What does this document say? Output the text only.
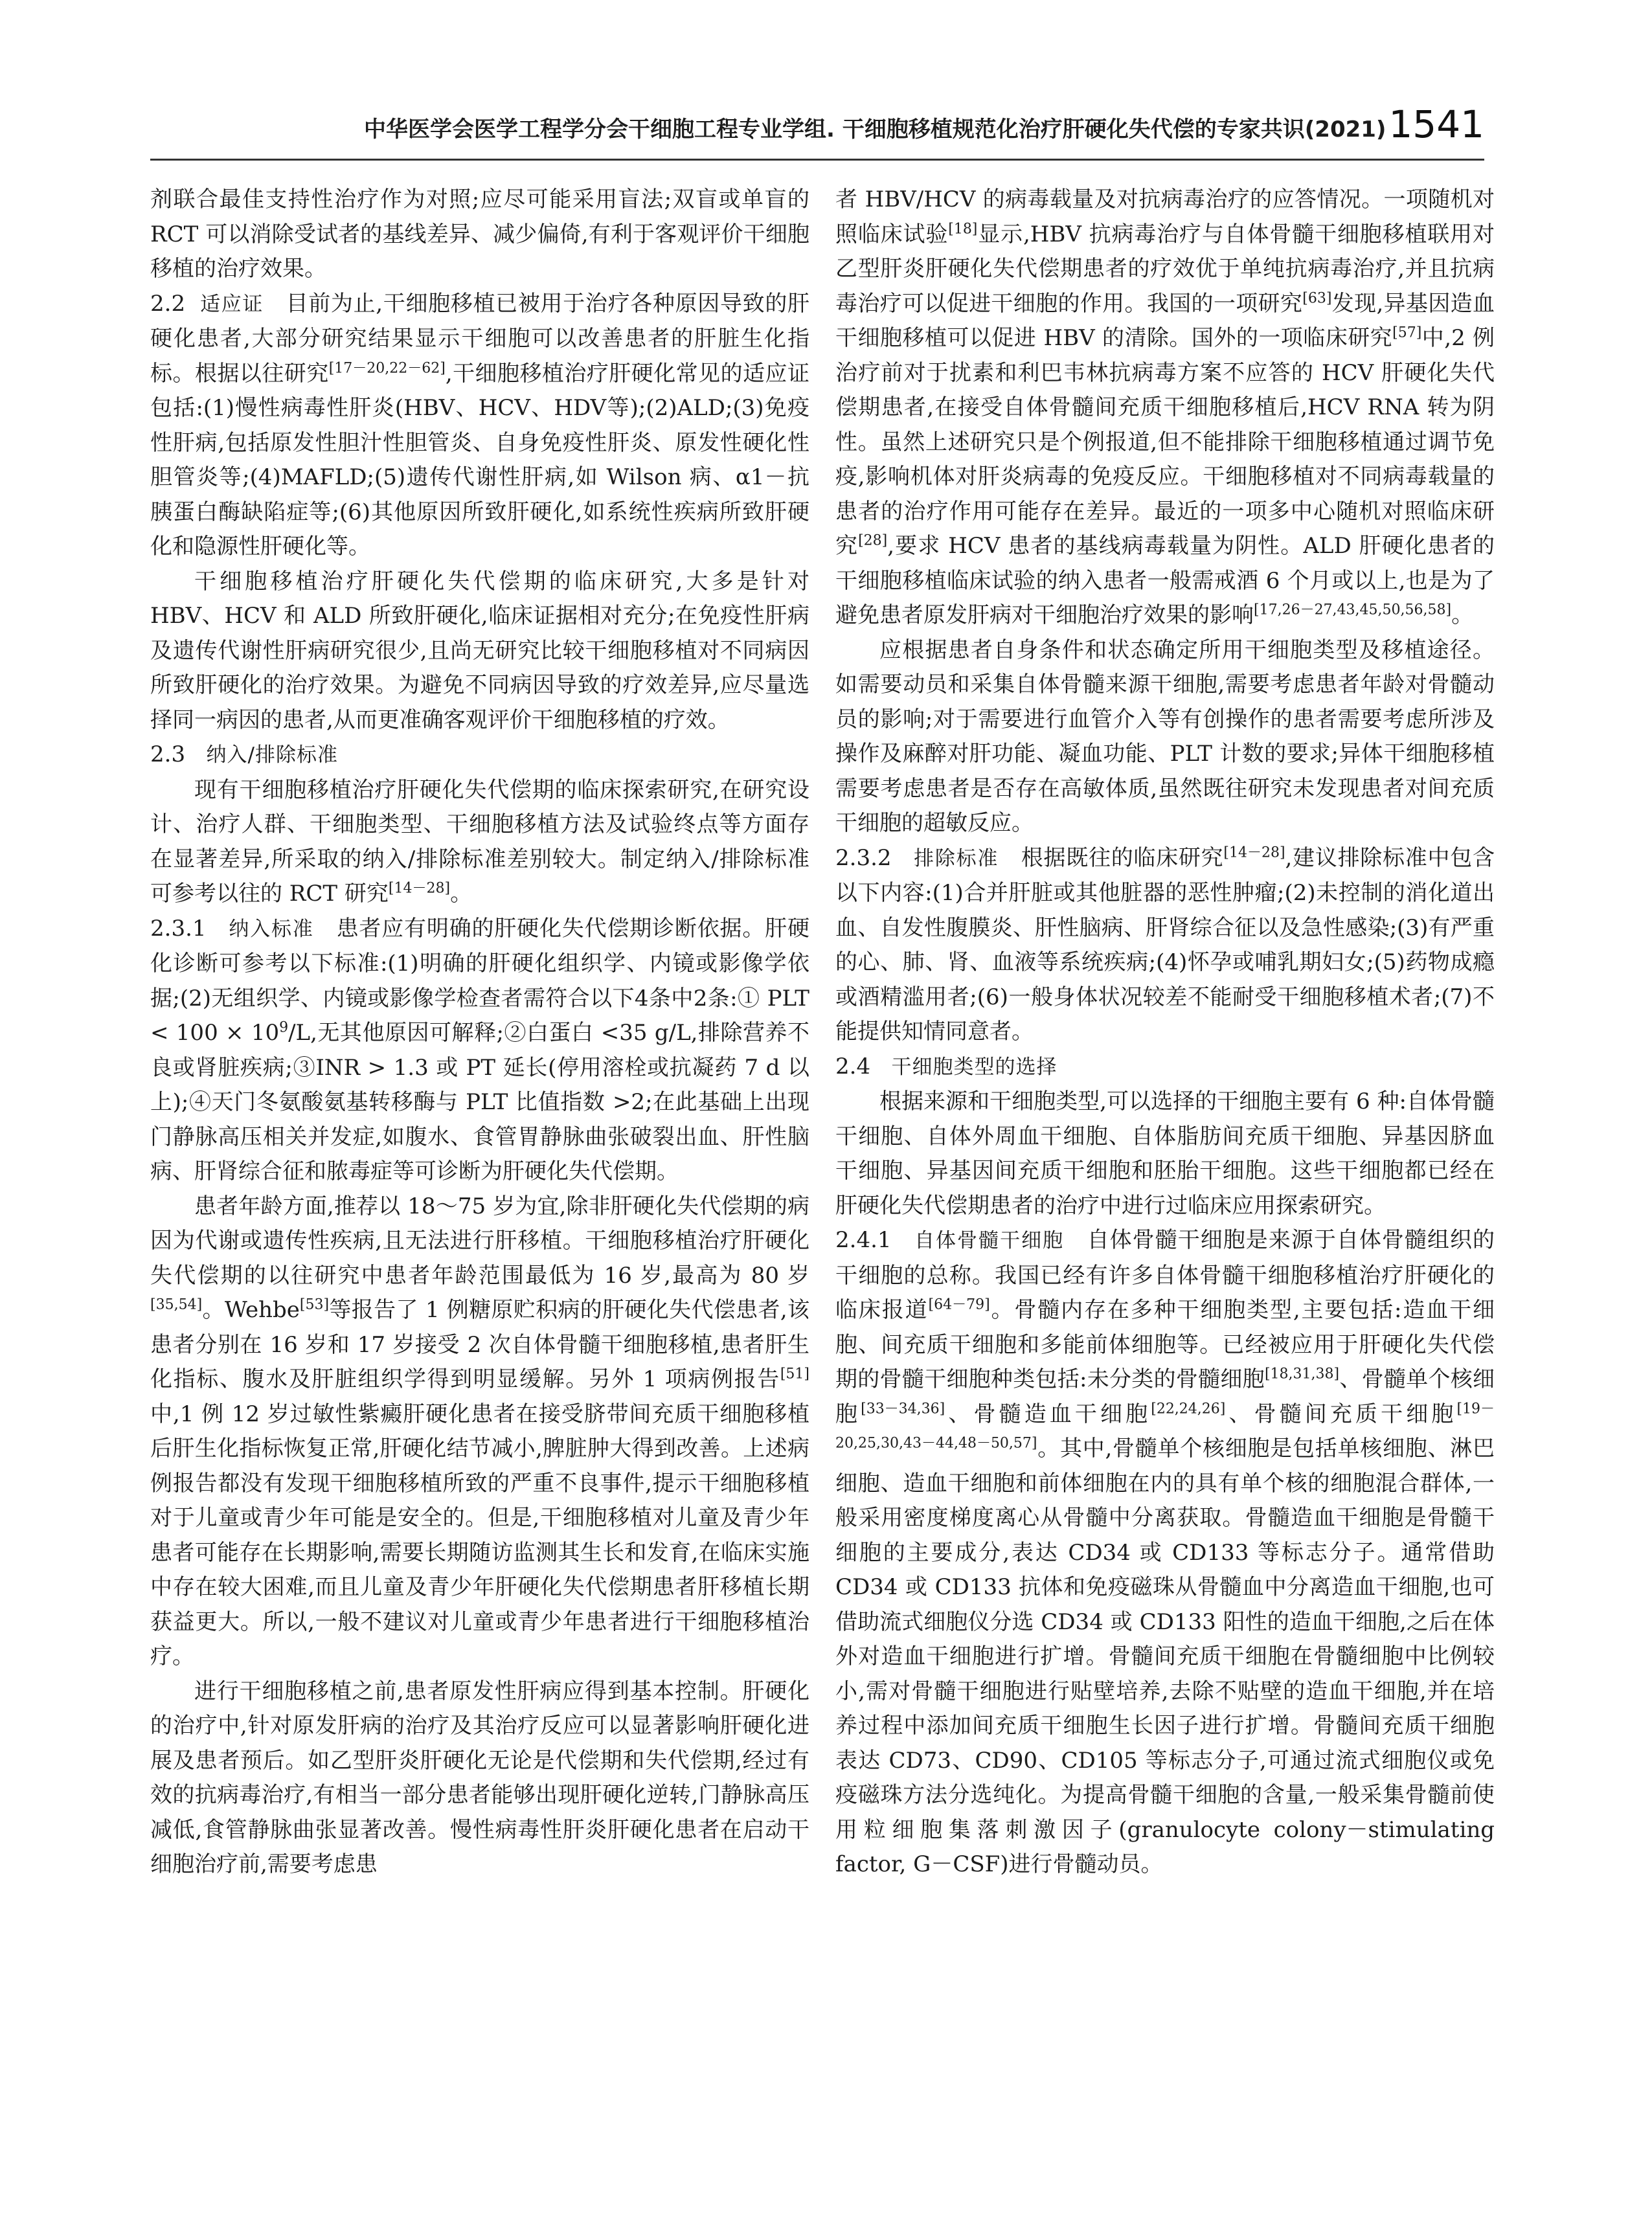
中华医学会医学工程学分会干细胞工程专业学组. 干细胞移植规范化治疗肝硬化失代偿的专家共识(2021) 1541

剂联合最佳支持性治疗作为对照;应尽可能采用盲法;双盲或单盲的 RCT 可以消除受试者的基线差异、减少偏倚,有利于客观评价干细胞移植的治疗效果。

2.2 适应证 目前为止,干细胞移植已被用于治疗各种原因导致的肝硬化患者,大部分研究结果显示干细胞可以改善患者的肝脏生化指标。根据以往研究[17－20,22－62],干细胞移植治疗肝硬化常见的适应证包括:(1)慢性病毒性肝炎(HBV、HCV、HDV等);(2)ALD;(3)免疫性肝病,包括原发性胆汁性胆管炎、自身免疫性肝炎、原发性硬化性胆管炎等;(4)MAFLD;(5)遗传代谢性肝病,如 Wilson 病、α1－抗胰蛋白酶缺陷症等;(6)其他原因所致肝硬化,如系统性疾病所致肝硬化和隐源性肝硬化等。

干细胞移植治疗肝硬化失代偿期的临床研究,大多是针对 HBV、HCV 和 ALD 所致肝硬化,临床证据相对充分;在免疫性肝病及遗传代谢性肝病研究很少,且尚无研究比较干细胞移植对不同病因所致肝硬化的治疗效果。为避免不同病因导致的疗效差异,应尽量选择同一病因的患者,从而更准确客观评价干细胞移植的疗效。

2.3 纳入/排除标准

现有干细胞移植治疗肝硬化失代偿期的临床探索研究,在研究设计、治疗人群、干细胞类型、干细胞移植方法及试验终点等方面存在显著差异,所采取的纳入/排除标准差别较大。制定纳入/排除标准可参考以往的 RCT 研究[14－28]。

2.3.1 纳入标准 患者应有明确的肝硬化失代偿期诊断依据。肝硬化诊断可参考以下标准:(1)明确的肝硬化组织学、内镜或影像学依据;(2)无组织学、内镜或影像学检查者需符合以下4条中2条:① PLT < $100 \times 10^9/L$,无其他原因可解释;②白蛋白 <35 g/L,排除营养不良或肾脏疾病;③INR > 1.3 或 PT 延长(停用溶栓或抗凝药 7 d 以上);④天门冬氨酸氨基转移酶与 PLT 比值指数 >2;在此基础上出现门静脉高压相关并发症,如腹水、食管胃静脉曲张破裂出血、肝性脑病、肝肾综合征和脓毒症等可诊断为肝硬化失代偿期。

患者年龄方面,推荐以 18～75 岁为宜,除非肝硬化失代偿期的病因为代谢或遗传性疾病,且无法进行肝移植。干细胞移植治疗肝硬化失代偿期的以往研究中患者年龄范围最低为 16 岁,最高为 80 岁[35,54]。Wehbe[53]等报告了 1 例糖原贮积病的肝硬化失代偿患者,该患者分别在 16 岁和 17 岁接受 2 次自体骨髓干细胞移植,患者肝生化指标、腹水及肝脏组织学得到明显缓解。另外 1 项病例报告[51]中,1 例 12 岁过敏性紫癜肝硬化患者在接受脐带间充质干细胞移植后肝生化指标恢复正常,肝硬化结节减小,脾脏肿大得到改善。上述病例报告都没有发现干细胞移植所致的严重不良事件,提示干细胞移植对于儿童或青少年可能是安全的。但是,干细胞移植对儿童及青少年患者可能存在长期影响,需要长期随访监测其生长和发育,在临床实施中存在较大困难,而且儿童及青少年肝硬化失代偿期患者肝移植长期获益更大。所以,一般不建议对儿童或青少年患者进行干细胞移植治疗。

进行干细胞移植之前,患者原发性肝病应得到基本控制。肝硬化的治疗中,针对原发肝病的治疗及其治疗反应可以显著影响肝硬化进展及患者预后。如乙型肝炎肝硬化无论是代偿期和失代偿期,经过有效的抗病毒治疗,有相当一部分患者能够出现肝硬化逆转,门静脉高压减低,食管静脉曲张显著改善。慢性病毒性肝炎肝硬化患者在启动干细胞治疗前,需要考虑患

者 HBV/HCV 的病毒载量及对抗病毒治疗的应答情况。一项随机对照临床试验[18]显示,HBV 抗病毒治疗与自体骨髓干细胞移植联用对乙型肝炎肝硬化失代偿期患者的疗效优于单纯抗病毒治疗,并且抗病毒治疗可以促进干细胞的作用。我国的一项研究[63]发现,异基因造血干细胞移植可以促进 HBV 的清除。国外的一项临床研究[57]中,2 例治疗前对于扰素和利巴韦林抗病毒方案不应答的 HCV 肝硬化失代偿期患者,在接受自体骨髓间充质干细胞移植后,HCV RNA 转为阴性。虽然上述研究只是个例报道,但不能排除干细胞移植通过调节免疫,影响机体对肝炎病毒的免疫反应。干细胞移植对不同病毒载量的患者的治疗作用可能存在差异。最近的一项多中心随机对照临床研究[28],要求 HCV 患者的基线病毒载量为阴性。ALD 肝硬化患者的干细胞移植临床试验的纳入患者一般需戒酒 6 个月或以上,也是为了避免患者原发肝病对干细胞治疗效果的影响[17,26－27,43,45,50,56,58]。

应根据患者自身条件和状态确定所用干细胞类型及移植途径。如需要动员和采集自体骨髓来源干细胞,需要考虑患者年龄对骨髓动员的影响;对于需要进行血管介入等有创操作的患者需要考虑所涉及操作及麻醉对肝功能、凝血功能、PLT 计数的要求;异体干细胞移植需要考虑患者是否存在高敏体质,虽然既往研究未发现患者对间充质干细胞的超敏反应。

2.3.2 排除标准 根据既往的临床研究[14－28],建议排除标准中包含以下内容:(1)合并肝脏或其他脏器的恶性肿瘤;(2)未控制的消化道出血、自发性腹膜炎、肝性脑病、肝肾综合征以及急性感染;(3)有严重的心、肺、肾、血液等系统疾病;(4)怀孕或哺乳期妇女;(5)药物成瘾或酒精滥用者;(6)一般身体状况较差不能耐受干细胞移植术者;(7)不能提供知情同意者。

2.4 干细胞类型的选择

根据来源和干细胞类型,可以选择的干细胞主要有 6 种:自体骨髓干细胞、自体外周血干细胞、自体脂肪间充质干细胞、异基因脐血干细胞、异基因间充质干细胞和胚胎干细胞。这些干细胞都已经在肝硬化失代偿期患者的治疗中进行过临床应用探索研究。

2.4.1 自体骨髓干细胞 自体骨髓干细胞是来源于自体骨髓组织的干细胞的总称。我国已经有许多自体骨髓干细胞移植治疗肝硬化的临床报道[64－79]。骨髓内存在多种干细胞类型,主要包括:造血干细胞、间充质干细胞和多能前体细胞等。已经被应用于肝硬化失代偿期的骨髓干细胞种类包括:未分类的骨髓细胞[18,31,38]、骨髓单个核细胞[33－34,36]、骨髓造血干细胞[22,24,26]、骨髓间充质干细胞[19－20,25,30,43－44,48－50,57]。其中,骨髓单个核细胞是包括单核细胞、淋巴细胞、造血干细胞和前体细胞在内的具有单个核的细胞混合群体,一般采用密度梯度离心从骨髓中分离获取。骨髓造血干细胞是骨髓干细胞的主要成分,表达 CD34 或 CD133 等标志分子。通常借助 CD34 或 CD133 抗体和免疫磁珠从骨髓血中分离造血干细胞,也可借助流式细胞仪分选 CD34 或 CD133 阳性的造血干细胞,之后在体外对造血干细胞进行扩增。骨髓间充质干细胞在骨髓细胞中比例较小,需对骨髓干细胞进行贴壁培养,去除不贴壁的造血干细胞,并在培养过程中添加间充质干细胞生长因子进行扩增。骨髓间充质干细胞表达 CD73、CD90、CD105 等标志分子,可通过流式细胞仪或免疫磁珠方法分选纯化。为提高骨髓干细胞的含量,一般采集骨髓前使用粒细胞集落刺激因子(granulocyte colony－stimulating factor, G－CSF)进行骨髓动员。
